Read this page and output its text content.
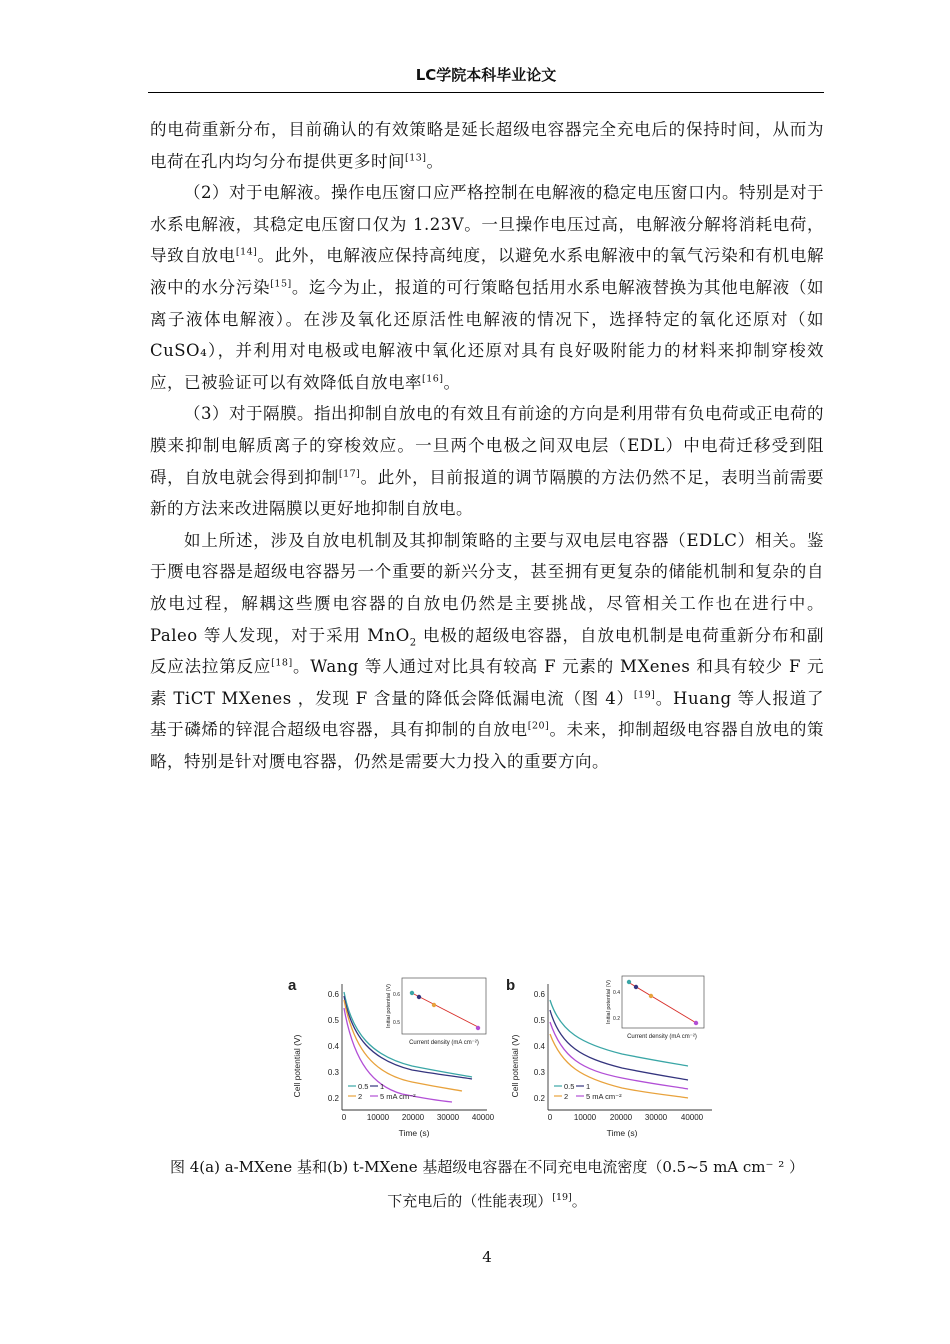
LC学院本科毕业论文

的电荷重新分布，目前确认的有效策略是延长超级电容器完全充电后的保持时间，从而为电荷在孔内均匀分布提供更多时间[13]。

（2）对于电解液。操作电压窗口应严格控制在电解液的稳定电压窗口内。特别是对于水系电解液，其稳定电压窗口仅为 1.23V。一旦操作电压过高，电解液分解将消耗电荷，导致自放电[14]。此外，电解液应保持高纯度，以避免水系电解液中的氧气污染和有机电解液中的水分污染[15]。迄今为止，报道的可行策略包括用水系电解液替换为其他电解液（如离子液体电解液）。在涉及氧化还原活性电解液的情况下，选择特定的氧化还原对（如 CuSO₄），并利用对电极或电解液中氧化还原对具有良好吸附能力的材料来抑制穿梭效应，已被验证可以有效降低自放电率[16]。

（3）对于隔膜。指出抑制自放电的有效且有前途的方向是利用带有负电荷或正电荷的膜来抑制电解质离子的穿梭效应。一旦两个电极之间双电层（EDL）中电荷迁移受到阻碍，自放电就会得到抑制[17]。此外，目前报道的调节隔膜的方法仍然不足，表明当前需要新的方法来改进隔膜以更好地抑制自放电。

如上所述，涉及自放电机制及其抑制策略的主要与双电层电容器（EDLC）相关。鉴于赝电容器是超级电容器另一个重要的新兴分支，甚至拥有更复杂的储能机制和复杂的自放电过程，解耦这些赝电容器的自放电仍然是主要挑战，尽管相关工作也在进行中。Paleo 等人发现，对于采用 MnO$_2$ 电极的超级电容器，自放电机制是电荷重新分布和副反应法拉第反应[18]。Wang 等人通过对比具有较高 F 元素的 MXenes 和具有较少 F 元素 TiCT MXenes ，发现 F 含量的降低会降低漏电流（图 4）[19]。Huang 等人报道了基于磷烯的锌混合超级电容器，具有抑制的自放电[20]。未来，抑制超级电容器自放电的策略，特别是针对赝电容器，仍然是需要大力投入的重要方向。

a
Cell potential (V)
0.6
0.5
0.4
0.3
0.2
0	10000 20000 30000 40000
Time (s)
0.5 1
2 5 mA cm⁻²
Initial potential (V) 0.6
0.5
Current density (mA cm⁻²)
b
Cell potential (V)
0.6
0.5
0.4
0.3
0.2
0	10000 20000 30000 40000
Time (s)
0.5 1
2 5 mA cm⁻²
Initial potential (V) 0.4
0.2
Current density (mA cm⁻²)
图 4(a) a-MXene 基和(b) t-MXene 基超级电容器在不同充电电流密度（0.5~5 mA cm⁻ ² ）
下充电后的（性能表现）[19]。
4
